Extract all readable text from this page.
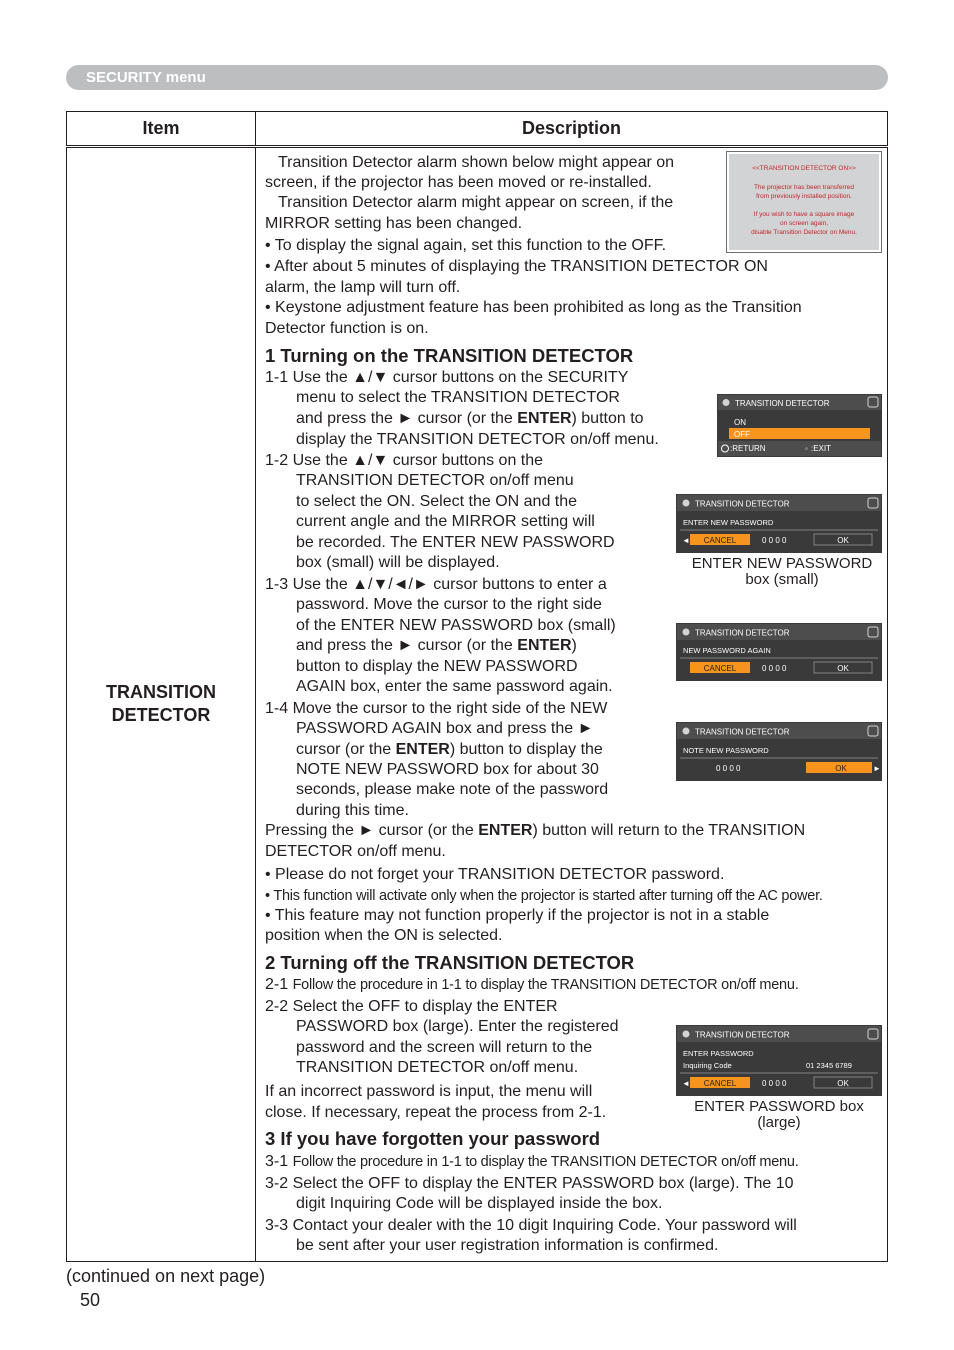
SECURITY menu
Item	Description
TRANSITION
DETECTOR
Transition Detector alarm shown below might appear on
screen, if the projector has been moved or re-installed.
Transition Detector alarm might appear on screen, if the
MIRROR setting has been changed.
• To display the signal again, set this function to the OFF.
• After about 5 minutes of displaying the TRANSITION DETECTOR ON
alarm, the lamp will turn off.
• Keystone adjustment feature has been prohibited as long as the Transition
Detector function is on.
<<TRANSITION DETECTOR ON>>
The projector has been transferred
from previously installed position.
If you wish to have a square image
on screen again,
disable Transition Detector on Menu.
1 Turning on the TRANSITION DETECTOR
1-1 Use the ▲/▼ cursor buttons on the SECURITY
menu to select the TRANSITION DETECTOR
and press the ► cursor (or the ENTER) button to
display the TRANSITION DETECTOR on/off menu.
1-2 Use the ▲/▼ cursor buttons on the
TRANSITION DETECTOR on/off menu
to select the ON. Select the ON and the
current angle and the MIRROR setting will
be recorded. The ENTER NEW PASSWORD
box (small) will be displayed.
1-3 Use the ▲/▼/◄/► cursor buttons to enter a
password. Move the cursor to the right side
of the ENTER NEW PASSWORD box (small)
and press the ► cursor (or the ENTER)
button to display the NEW PASSWORD
AGAIN box, enter the same password again.
1-4 Move the cursor to the right side of the NEW
PASSWORD AGAIN box and press the ►
cursor (or the ENTER) button to display the
NOTE NEW PASSWORD box for about 30
seconds, please make note of the password
during this time.
Pressing the ► cursor (or the ENTER) button will return to the TRANSITION
DETECTOR on/off menu.
• Please do not forget your TRANSITION DETECTOR password.
• This function will activate only when the projector is started after turning off the AC power.
• This feature may not function properly if the projector is not in a stable
position when the ON is selected.
TRANSITION DETECTOR
ON
OFF
:RETURN	◦ :EXIT
TRANSITION DETECTOR
ENTER NEW PASSWORD
◄ CANCEL	0 0 0 0	OK
ENTER NEW PASSWORD
box (small)
TRANSITION DETECTOR
NEW PASSWORD AGAIN
CANCEL	0 0 0 0	OK
TRANSITION DETECTOR
NOTE NEW PASSWORD
0 0 0 0	OK	►
2 Turning off the TRANSITION DETECTOR
2-1 Follow the procedure in 1-1 to display the TRANSITION DETECTOR on/off menu.
2-2 Select the OFF to display the ENTER
PASSWORD box (large). Enter the registered
password and the screen will return to the
TRANSITION DETECTOR on/off menu.
If an incorrect password is input, the menu will
close. If necessary, repeat the process from 2-1.
TRANSITION DETECTOR
ENTER PASSWORD
Inquiring Code	01 2345 6789
◄ CANCEL	0 0 0 0	OK
ENTER PASSWORD box
(large)
3 If you have forgotten your password
3-1 Follow the procedure in 1-1 to display the TRANSITION DETECTOR on/off menu.
3-2 Select the OFF to display the ENTER PASSWORD box (large). The 10
digit Inquiring Code will be displayed inside the box.
3-3 Contact your dealer with the 10 digit Inquiring Code. Your password will
be sent after your user registration information is confirmed.
(continued on next page)
50
